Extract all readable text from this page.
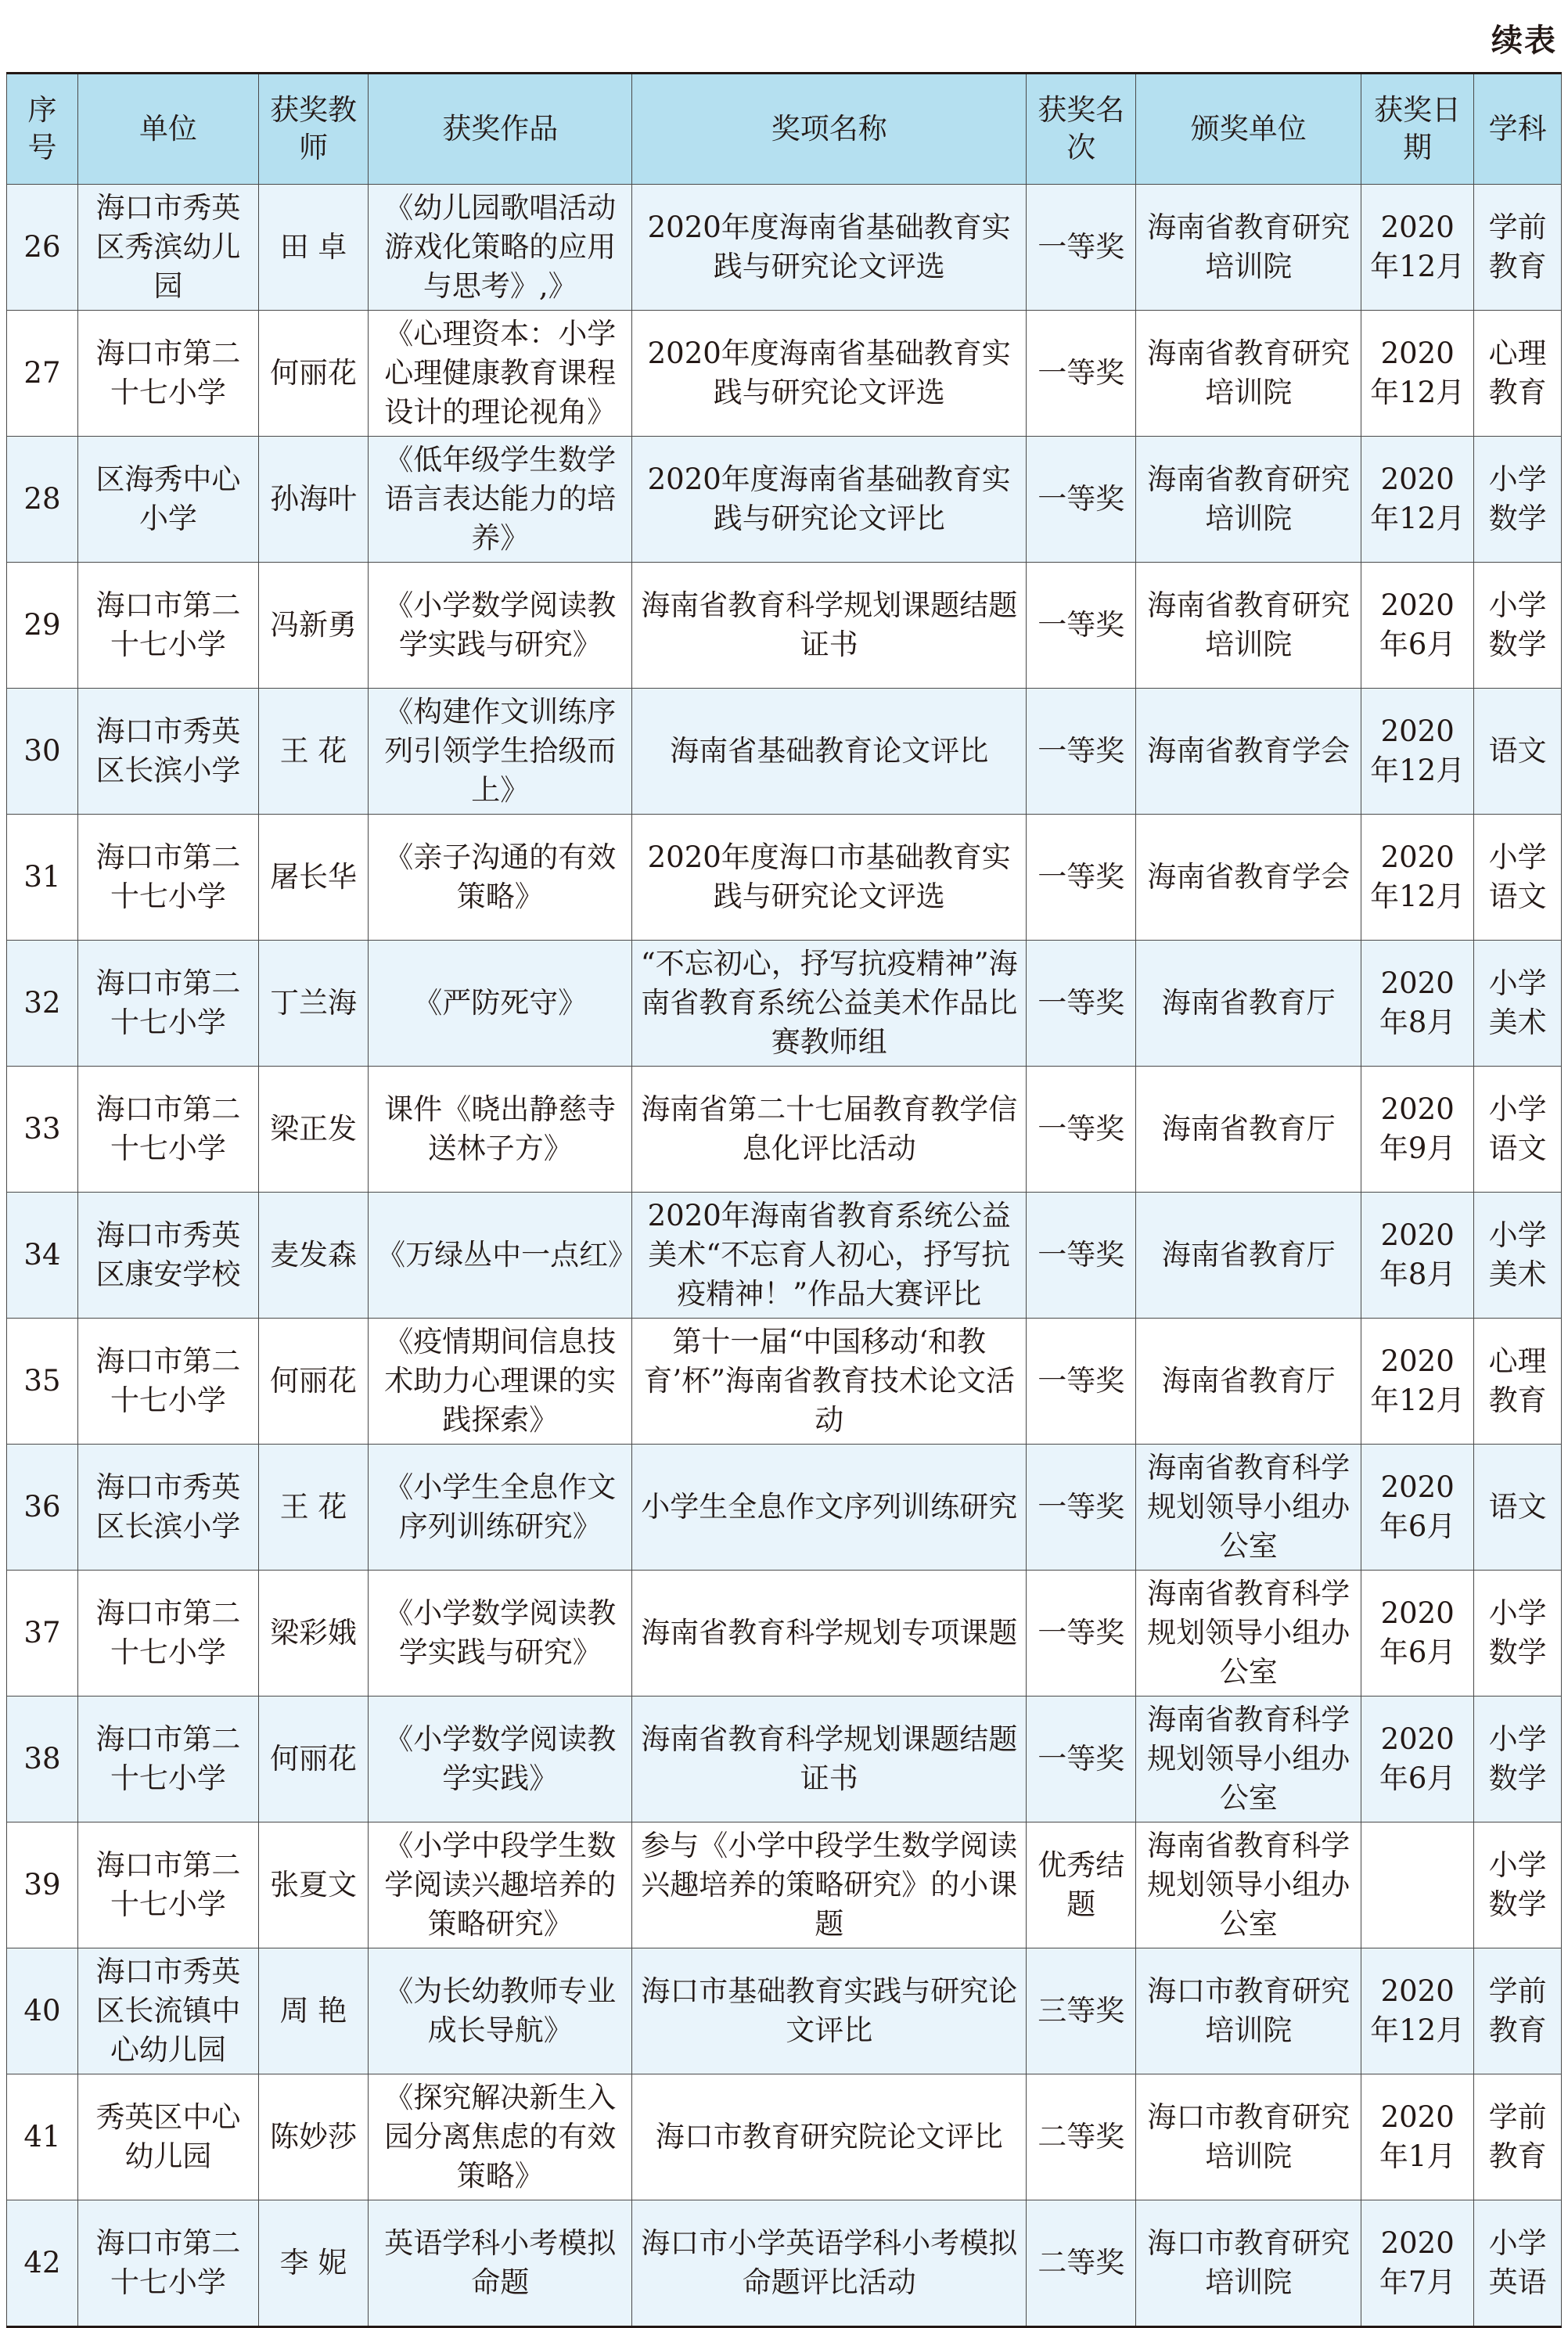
续表
序号	单位	获奖教师	获奖作品	奖项名称	获奖名次	颁奖单位	获奖日期	学科
26	海口市秀英区秀滨幼儿园	田 卓	《幼儿园歌唱活动游戏化策略的应用与思考》,》	2020年度海南省基础教育实践与研究论文评选	一等奖	海南省教育研究培训院	2020年12月	学前教育
27	海口市第二十七小学	何丽花	《心理资本：小学心理健康教育课程设计的理论视角》	2020年度海南省基础教育实践与研究论文评选	一等奖	海南省教育研究培训院	2020年12月	心理教育
28	区海秀中心小学	孙海叶	《低年级学生数学语言表达能力的培养》	2020年度海南省基础教育实践与研究论文评比	一等奖	海南省教育研究培训院	2020年12月	小学数学
29	海口市第二十七小学	冯新勇	《小学数学阅读教学实践与研究》	海南省教育科学规划课题结题证书	一等奖	海南省教育研究培训院	2020年6月	小学数学
30	海口市秀英区长滨小学	王 花	《构建作文训练序列引领学生拾级而上》	海南省基础教育论文评比	一等奖	海南省教育学会	2020年12月	语文
31	海口市第二十七小学	屠长华	《亲子沟通的有效策略》	2020年度海口市基础教育实践与研究论文评选	一等奖	海南省教育学会	2020年12月	小学语文
32	海口市第二十七小学	丁兰海	《严防死守》	“不忘初心，抒写抗疫精神”海南省教育系统公益美术作品比赛教师组	一等奖	海南省教育厅	2020年8月	小学美术
33	海口市第二十七小学	梁正发	课件《晓出静慈寺送林子方》	海南省第二十七届教育教学信息化评比活动	一等奖	海南省教育厅	2020年9月	小学语文
34	海口市秀英区康安学校	麦发森	《万绿丛中一点红》	2020年海南省教育系统公益美术“不忘育人初心，抒写抗疫精神！”作品大赛评比	一等奖	海南省教育厅	2020年8月	小学美术
35	海口市第二十七小学	何丽花	《疫情期间信息技术助力心理课的实践探索》	第十一届“中国移动‘和教育’杯”海南省教育技术论文活动	一等奖	海南省教育厅	2020年12月	心理教育
36	海口市秀英区长滨小学	王 花	《小学生全息作文序列训练研究》	小学生全息作文序列训练研究	一等奖	海南省教育科学规划领导小组办公室	2020年6月	语文
37	海口市第二十七小学	梁彩娥	《小学数学阅读教学实践与研究》	海南省教育科学规划专项课题	一等奖	海南省教育科学规划领导小组办公室	2020年6月	小学数学
38	海口市第二十七小学	何丽花	《小学数学阅读教学实践》	海南省教育科学规划课题结题证书	一等奖	海南省教育科学规划领导小组办公室	2020年6月	小学数学
39	海口市第二十七小学	张夏文	《小学中段学生数学阅读兴趣培养的策略研究》	参与《小学中段学生数学阅读兴趣培养的策略研究》的小课题	优秀结题	海南省教育科学规划领导小组办公室		小学数学
40	海口市秀英区长流镇中心幼儿园	周 艳	《为长幼教师专业成长导航》	海口市基础教育实践与研究论文评比	三等奖	海口市教育研究培训院	2020年12月	学前教育
41	秀英区中心幼儿园	陈妙莎	《探究解决新生入园分离焦虑的有效策略》	海口市教育研究院论文评比	二等奖	海口市教育研究培训院	2020年1月	学前教育
42	海口市第二十七小学	李 妮	英语学科小考模拟命题	海口市小学英语学科小考模拟命题评比活动	二等奖	海口市教育研究培训院	2020年7月	小学英语
